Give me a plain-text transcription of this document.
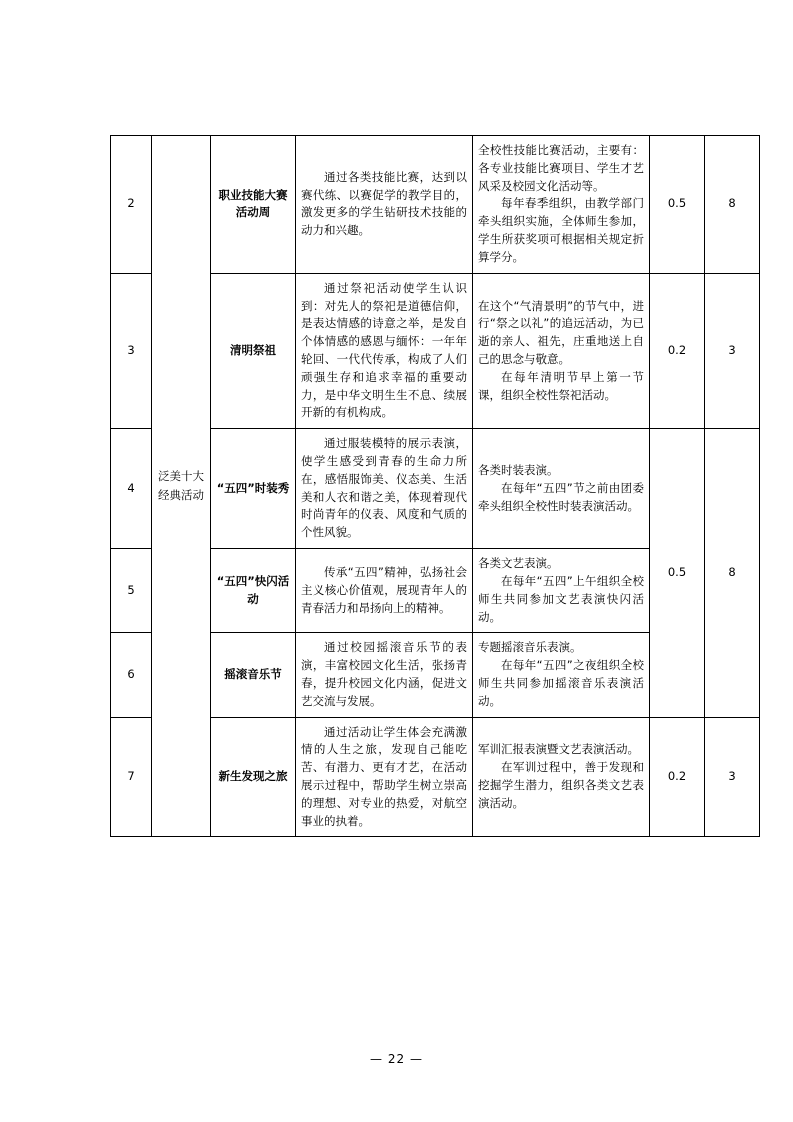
2	泛美十大经典活动	职业技能大赛活动周	通过各类技能比赛，达到以赛代练、以赛促学的教学目的，激发更多的学生钻研技术技能的动力和兴趣。	全校性技能比赛活动，主要有：各专业技能比赛项目、学生才艺风采及校园文化活动等。

每年春季组织，由教学部门牵头组织实施，全体师生参加，学生所获奖项可根据相关规定折算学分。	0.5	8
3		清明祭祖	通过祭祀活动使学生认识到：对先人的祭祀是道德信仰，是表达情感的诗意之举，是发自个体情感的感恩与缅怀：一年年轮回、一代代传承，构成了人们顽强生存和追求幸福的重要动力，是中华文明生生不息、续展开新的有机构成。	在这个“气清景明”的节气中，进行“祭之以礼”的追远活动，为已逝的亲人、祖先，庄重地送上自己的思念与敬意。

在每年清明节早上第一节课，组织全校性祭祀活动。	0.2	3
4		“五四”时装秀	通过服装模特的展示表演，使学生感受到青春的生命力所在，感悟服饰美、仪态美、生活美和人衣和谐之美，体现着现代时尚青年的仪表、风度和气质的个性风貌。	各类时装表演。

在每年“五四”节之前由团委牵头组织全校性时装表演活动。	0.5	8
5		“五四”快闪活动	传承“五四”精神，弘扬社会主义核心价值观，展现青年人的青春活力和昂扬向上的精神。	各类文艺表演。

在每年“五四”上午组织全校师生共同参加文艺表演快闪活动。		

6		摇滚音乐节	通过校园摇滚音乐节的表演，丰富校园文化生活，张扬青春，提升校园文化内涵，促进文艺交流与发展。	专题摇滚音乐表演。

在每年“五四”之夜组织全校师生共同参加摇滚音乐表演活动。		

7		新生发现之旅	通过活动让学生体会充满激情的人生之旅，发现自己能吃苦、有潜力、更有才艺，在活动展示过程中，帮助学生树立崇高的理想、对专业的热爱，对航空事业的执着。	军训汇报表演暨文艺表演活动。

在军训过程中，善于发现和挖掘学生潜力，组织各类文艺表演活动。	0.2	3
— 22 —
